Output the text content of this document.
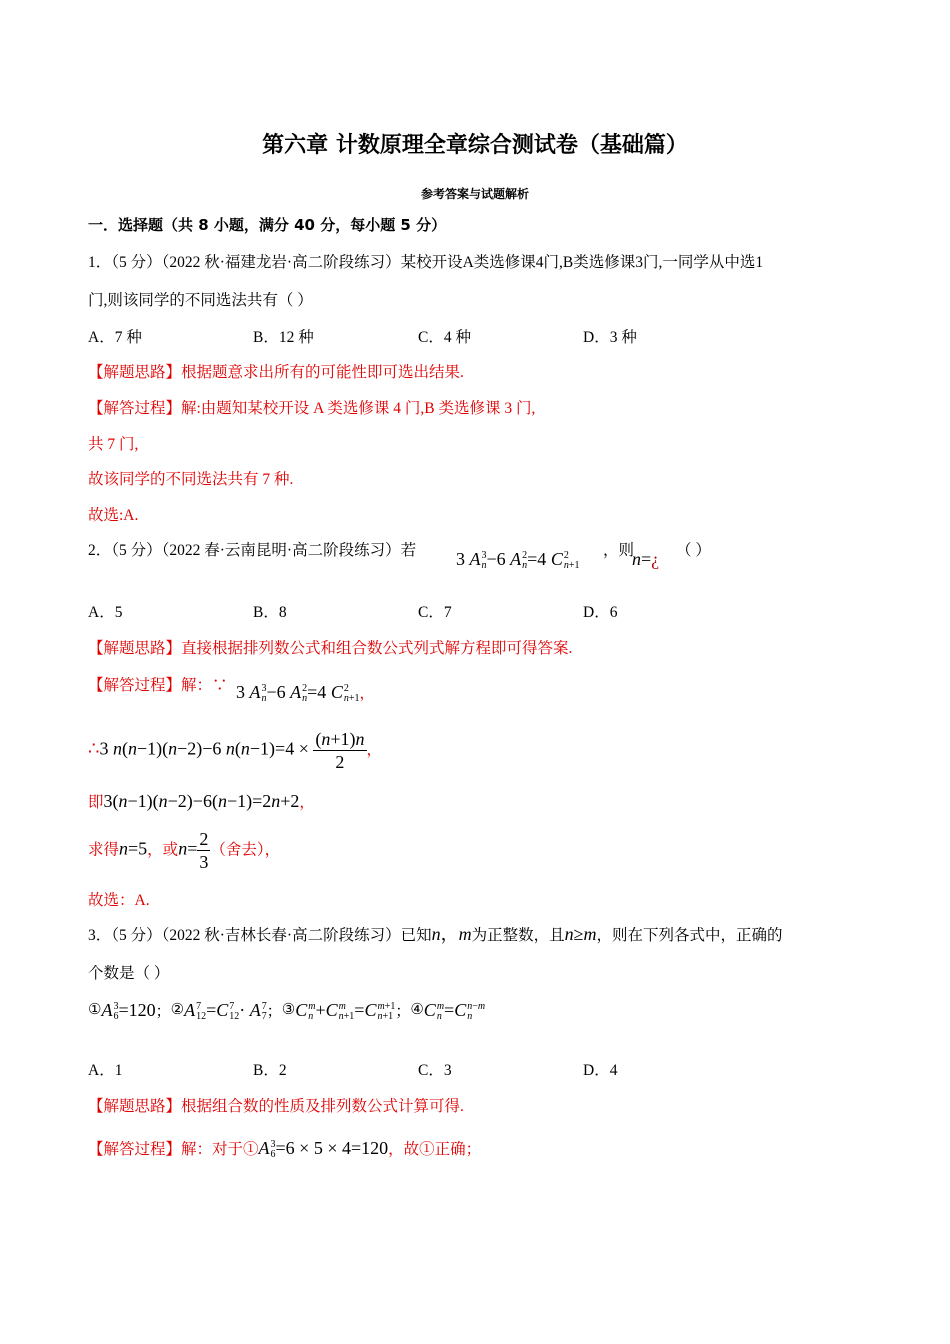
第六章 计数原理全章综合测试卷（基础篇）
参考答案与试题解析
一．选择题（共 8 小题，满分 40 分，每小题 5 分）
1．（5 分）（2022 秋·福建龙岩·高二阶段练习）某校开设A类选修课4门,B类选修课3门,一同学从中选1
门,则该同学的不同选法共有（ ）
A．7 种	B．12 种	C．4 种	D．3 种
【解题思路】根据题意求出所有的可能性即可选出结果.
【解答过程】解:由题知某校开设 A 类选修课 4 门,B 类选修课 3 门,
共 7 门,
故该同学的不同选法共有 7 种.
故选:A.
2．（5 分）（2022 春·云南昆明·高二阶段练习）若 3 A 3
n −6 A 2
n =4 C 2
n+1
，则
n=¿ （ ）
A．5	B．8	C．7	D．6
【解题思路】直接根据排列数公式和组合数公式列式解方程即可得答案.
【解答过程】解：∵ 3 A 3
n −6 A 2
n =4 C 2
n+1 ，
∴3 n(n−1)(n−2)−6 $n(n-1)=4 \times \frac{(n+1)n}{2}$ ，
即3(n−1)(n−2)−6(n−1)=2n+2，
求得n=5，或$n= \frac{2}{3}$ （舍去），
故选：A.
3．（5 分）（2022 秋·吉林长春·高二阶段练习）已知n，m为正整数，且n≥m，则在下列各式中，正确的
个数是（ ）
①A 3
6 =120；②A 7
12 =C 7
12 · A 7
7 ；③C m
n +C m
n+1 =C m+1
n+1 ；④C m
n =C n−m
n
A．1	B．2	C．3	D．4
【解题思路】根据组合数的性质及排列数公式计算可得.
【解答过程】解：对于①A 3
6 =6 × 5 × 4=120，故①正确；
